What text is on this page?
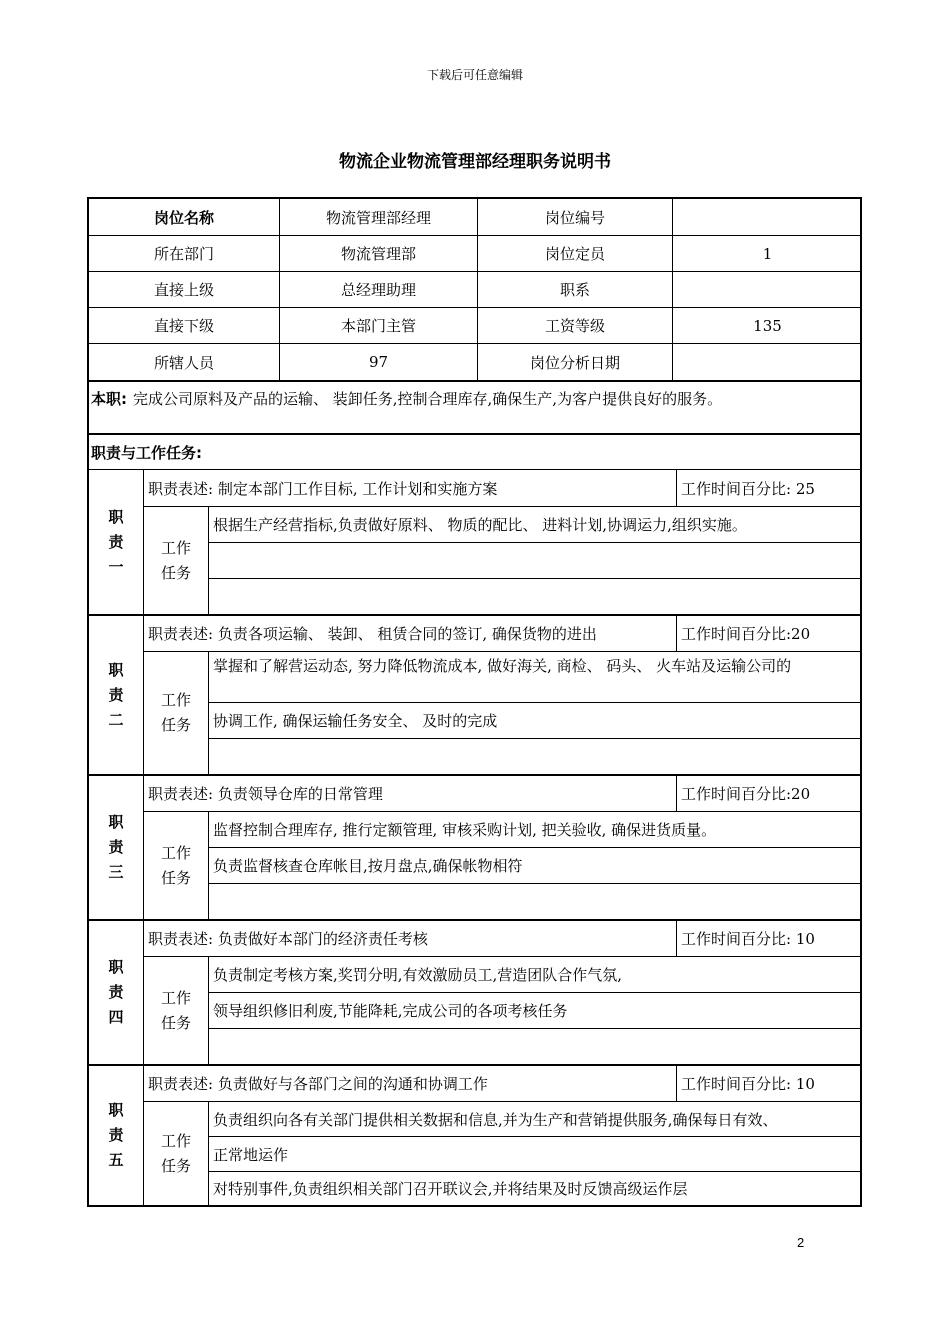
下载后可任意编辑
物流企业物流管理部经理职务说明书
岗位名称	物流管理部经理	岗位编号
所在部门	物流管理部	岗位定员	1
直接上级	总经理助理	职系
直接下级	本部门主管	工资等级	135
所辖人员	97	岗位分析日期
本职: 完成公司原料及产品的运输、 装卸任务,控制合理库存,确保生产,为客户提供良好的服务。
职责与工作任务:
职
责
一
职责表述: 制定本部门工作目标, 工作计划和实施方案	工作时间百分比: 25
工作
任务
根据生产经营指标,负责做好原料、 物质的配比、 进料计划,协调运力,组织实施。
职
责
二
职责表述: 负责各项运输、 装卸、 租赁合同的签订, 确保货物的进出	工作时间百分比:20
工作
任务
掌握和了解营运动态, 努力降低物流成本, 做好海关, 商检、 码头、 火车站及运输公司的
协调工作, 确保运输任务安全、 及时的完成
职
责
三
职责表述: 负责领导仓库的日常管理	工作时间百分比:20
工作
任务
监督控制合理库存, 推行定额管理, 审核采购计划, 把关验收, 确保进货质量。
负责监督核查仓库帐目,按月盘点,确保帐物相符
职
责
四
职责表述: 负责做好本部门的经济责任考核	工作时间百分比: 10
工作
任务
负责制定考核方案,奖罚分明,有效激励员工,营造团队合作气氛,
领导组织修旧利废,节能降耗,完成公司的各项考核任务
职
责
五
职责表述: 负责做好与各部门之间的沟通和协调工作	工作时间百分比: 10
工作
任务
负责组织向各有关部门提供相关数据和信息,并为生产和营销提供服务,确保每日有效、
正常地运作
对特别事件,负责组织相关部门召开联议会,并将结果及时反馈高级运作层
2
